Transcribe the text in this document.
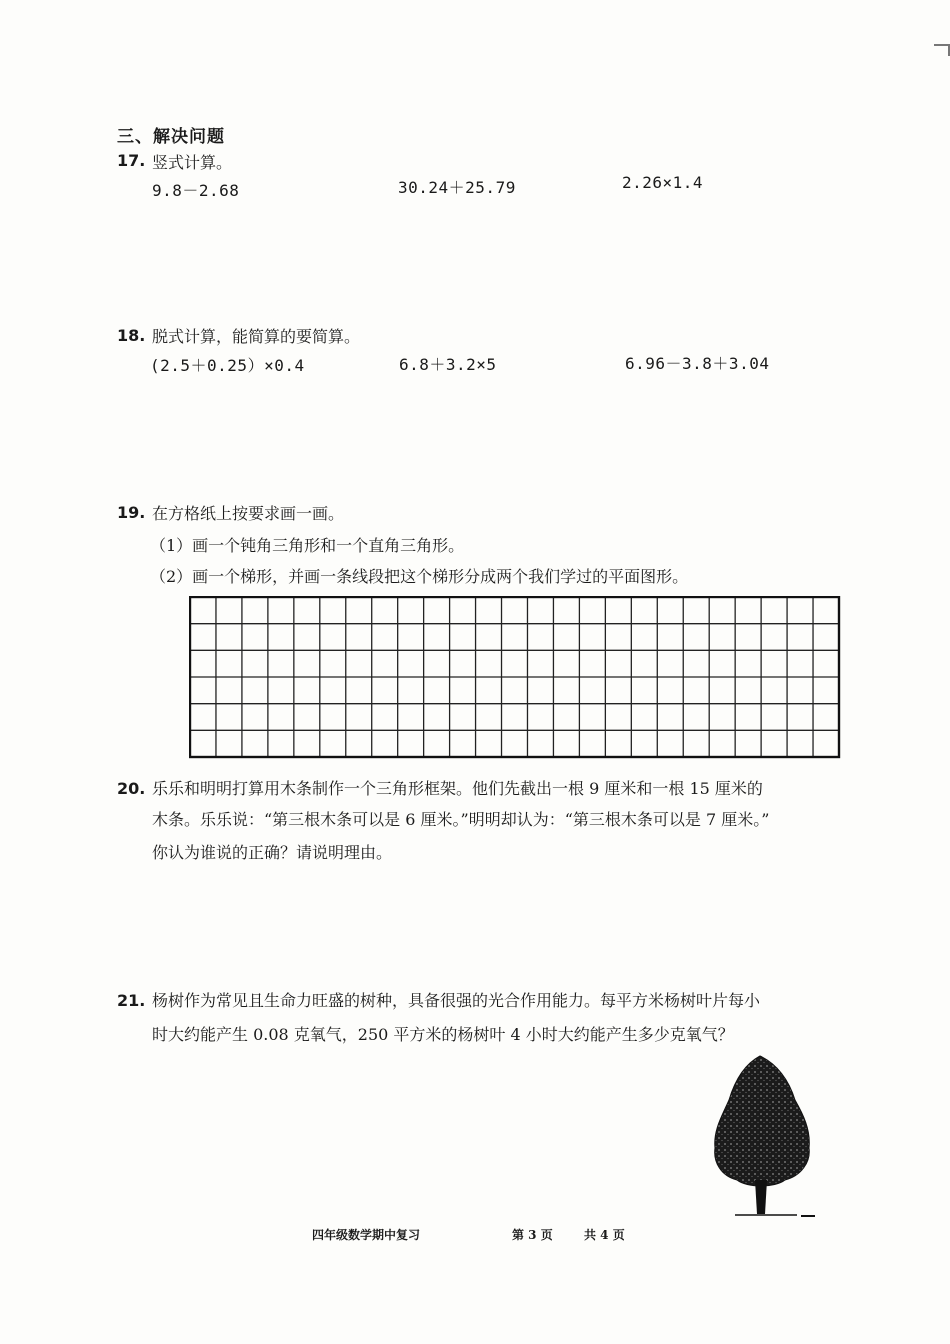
三、解决问题
17. 竖式计算。
9.8－2.68	30.24＋25.79	2.26×1.4
18. 脱式计算，能简算的要简算。
(2.5＋0.25）×0.4	6.8＋3.2×5	6.96－3.8＋3.04
19. 在方格纸上按要求画一画。
（1）画一个钝角三角形和一个直角三角形。
（2）画一个梯形，并画一条线段把这个梯形分成两个我们学过的平面图形。
20. 乐乐和明明打算用木条制作一个三角形框架。他们先截出一根 9 厘米和一根 15 厘米的
木条。乐乐说：“第三根木条可以是 6 厘米。”明明却认为：“第三根木条可以是 7 厘米。”
你认为谁说的正确？请说明理由。
21. 杨树作为常见且生命力旺盛的树种，具备很强的光合作用能力。每平方米杨树叶片每小
时大约能产生 0.08 克氧气，250 平方米的杨树叶 4 小时大约能产生多少克氧气？
四年级数学期中复习	第 3 页	共 4 页
